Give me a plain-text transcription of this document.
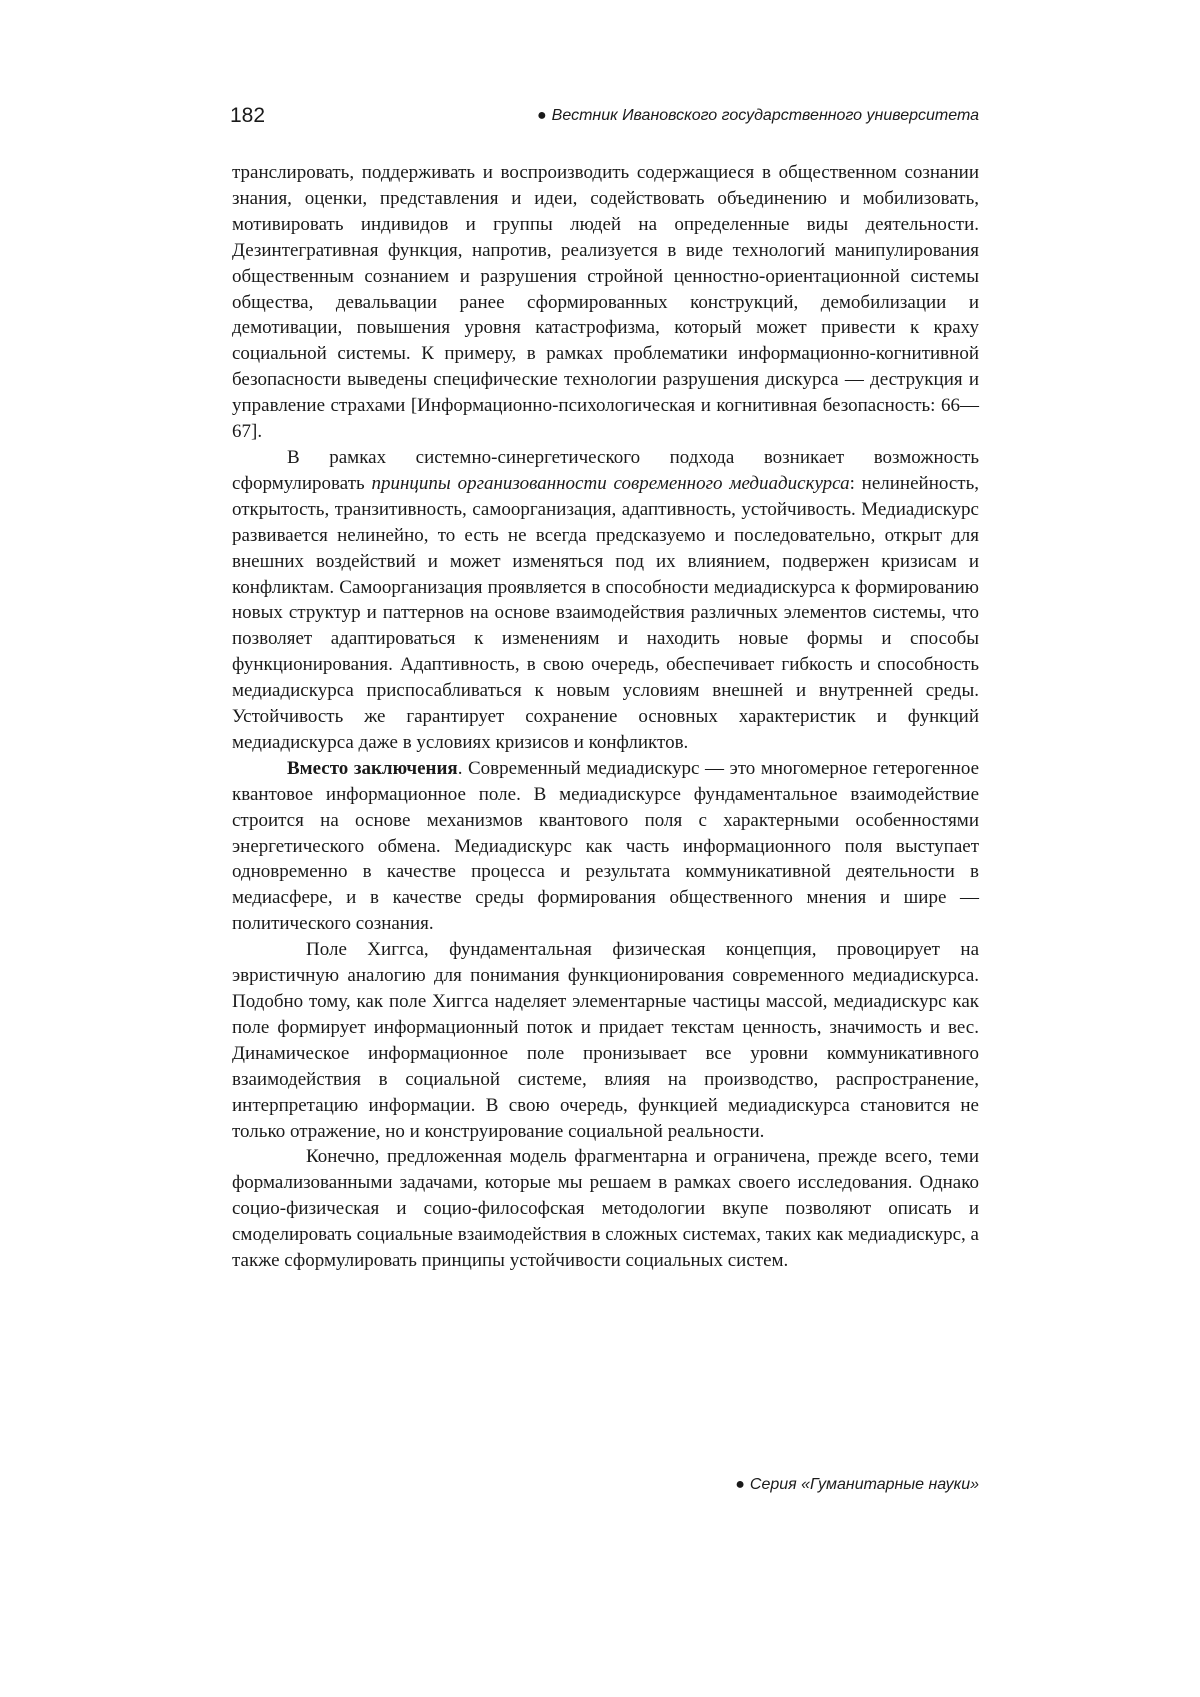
182	● Вестник Ивановского государственного университета

транслировать, поддерживать и воспроизводить содержащиеся в общественном сознании знания, оценки, представления и идеи, содействовать объединению и мобилизовать, мотивировать индивидов и группы людей на определенные виды деятельности. Дезинтегративная функция, напротив, реализуется в виде технологий манипулирования общественным сознанием и разрушения стройной ценностно-ориентационной системы общества, девальвации ранее сформированных конструкций, демобилизации и демотивации, повышения уровня катастрофизма, который может привести к краху социальной системы. К примеру, в рамках проблематики информационно-когнитивной безопасности выведены специфические технологии разрушения дискурса — деструкция и управление страхами [Информационно-психологическая и когнитивная безопасность: 66—67].

В рамках системно-синергетического подхода возникает возможность сформулировать принципы организованности современного медиадискурса: нелинейность, открытость, транзитивность, самоорганизация, адаптивность, устойчивость. Медиадискурс развивается нелинейно, то есть не всегда предсказуемо и последовательно, открыт для внешних воздействий и может изменяться под их влиянием, подвержен кризисам и конфликтам. Самоорганизация проявляется в способности медиадискурса к формированию новых структур и паттернов на основе взаимодействия различных элементов системы, что позволяет адаптироваться к изменениям и находить новые формы и способы функционирования. Адаптивность, в свою очередь, обеспечивает гибкость и способность медиадискурса приспосабливаться к новым условиям внешней и внутренней среды. Устойчивость же гарантирует сохранение основных характеристик и функций медиадискурса даже в условиях кризисов и конфликтов.

Вместо заключения. Современный медиадискурс — это многомерное гетерогенное квантовое информационное поле. В медиадискурсе фундаментальное взаимодействие строится на основе механизмов квантового поля с характерными особенностями энергетического обмена. Медиадискурс как часть информационного поля выступает одновременно в качестве процесса и результата коммуникативной деятельности в медиасфере, и в качестве среды формирования общественного мнения и шире — политического сознания.

Поле Хиггса, фундаментальная физическая концепция, провоцирует на эвристичную аналогию для понимания функционирования современного медиадискурса. Подобно тому, как поле Хиггса наделяет элементарные частицы массой, медиадискурс как поле формирует информационный поток и придает текстам ценность, значимость и вес. Динамическое информационное поле пронизывает все уровни коммуникативного взаимодействия в социальной системе, влияя на производство, распространение, интерпретацию информации. В свою очередь, функцией медиадискурса становится не только отражение, но и конструирование социальной реальности.

Конечно, предложенная модель фрагментарна и ограничена, прежде всего, теми формализованными задачами, которые мы решаем в рамках своего исследования. Однако социо-физическая и социо-философская методологии вкупе позволяют описать и смоделировать социальные взаимодействия в сложных системах, таких как медиадискурс, а также сформулировать принципы устойчивости социальных систем.

● Серия «Гуманитарные науки»
